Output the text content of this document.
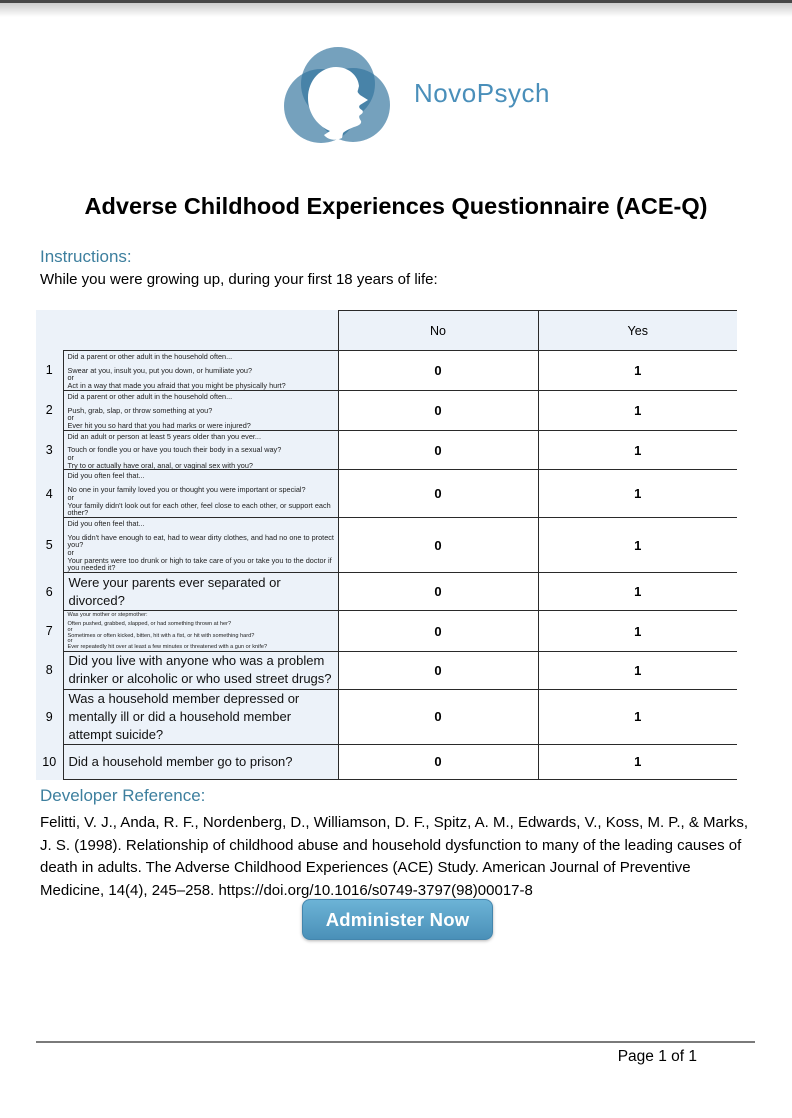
NovoPsych
Adverse Childhood Experiences Questionnaire (ACE-Q)
Instructions:
While you were growing up, during your first 18 years of life:
		No	Yes
1	Did a parent or other adult in the household often...
Swear at you, insult you, put you down, or humiliate you?
or
Act in a way that made you afraid that you might be physically hurt?	0	1
2	Did a parent or other adult in the household often...
Push, grab, slap, or throw something at you?
or
Ever hit you so hard that you had marks or were injured?	0	1
3	Did an adult or person at least 5 years older than you ever...
Touch or fondle you or have you touch their body in a sexual way?
or
Try to or actually have oral, anal, or vaginal sex with you?	0	1
4	Did you often feel that...
No one in your family loved you or thought you were important or special?
or
Your family didn't look out for each other, feel close to each other, or support each other?	0	1
5	Did you often feel that...
You didn't have enough to eat, had to wear dirty clothes, and had no one to protect you?
or
Your parents were too drunk or high to take care of you or take you to the doctor if you needed it?	0	1
6	Were your parents ever separated or divorced?	0	1
7	
Was your mother or stepmother:
Often pushed, grabbed, slapped, or had something thrown at her?
or
Sometimes or often kicked, bitten, hit with a fist, or hit with something hard?
or
Ever repeatedly hit over at least a few minutes or threatened with a gun or knife?
	0	1
8	Did you live with anyone who was a problem drinker or alcoholic or who used street drugs?	0	1
9	Was a household member depressed or mentally ill or did a household member attempt suicide?	0	1
10	Did a household member go to prison?	0	1
Developer Reference:
Felitti, V. J., Anda, R. F., Nordenberg, D., Williamson, D. F., Spitz, A. M., Edwards, V., Koss, M. P., & Marks, J. S. (1998). Relationship of childhood abuse and household dysfunction to many of the leading causes of death in adults. The Adverse Childhood Experiences (ACE) Study. American Journal of Preventive Medicine, 14(4), 245–258. https://doi.org/10.1016/s0749-3797(98)00017-8
Administer Now
Page 1 of 1
